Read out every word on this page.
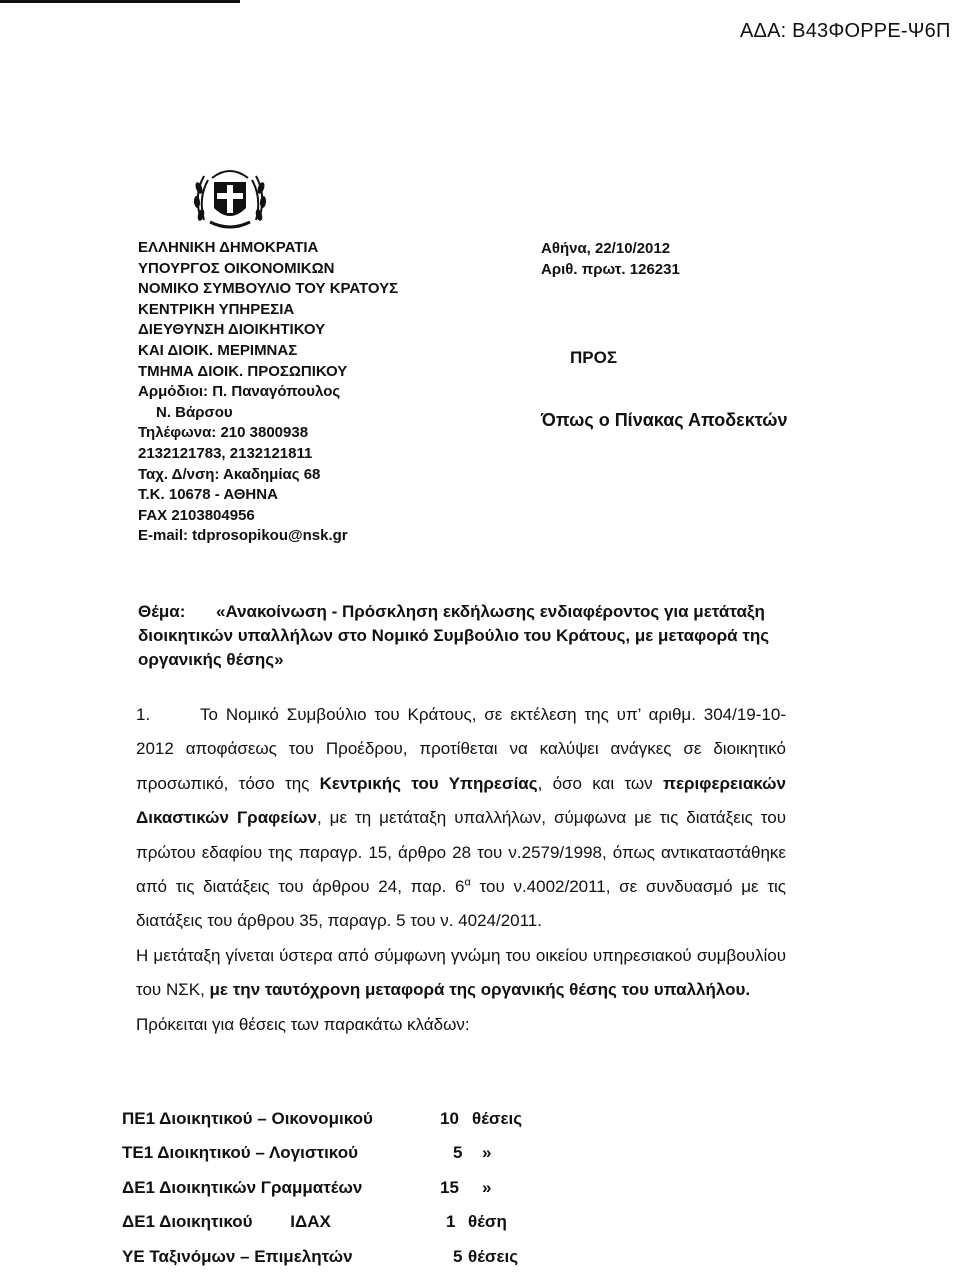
ΑΔΑ: Β43ΦΟΡΡΕ-Ψ6Π
ΕΛΛΗΝΙΚΗ ΔΗΜΟΚΡΑΤΙΑ
ΥΠΟΥΡΓΟΣ ΟΙΚΟΝΟΜΙΚΩΝ
ΝΟΜΙΚΟ ΣΥΜΒΟΥΛΙΟ ΤΟΥ ΚΡΑΤΟΥΣ
ΚΕΝΤΡΙΚΗ ΥΠΗΡΕΣΙΑ
ΔΙΕΥΘΥΝΣΗ ΔΙΟΙΚΗΤΙΚΟΥ
ΚΑΙ ΔΙΟΙΚ. ΜΕΡΙΜΝΑΣ
ΤΜΗΜΑ ΔΙΟΙΚ. ΠΡΟΣΩΠΙΚΟΥ
Αρμόδιοι: Π. Παναγόπουλος
Ν. Βάρσου
Τηλέφωνα: 210 3800938
2132121783, 2132121811
Ταχ. Δ/νση: Ακαδημίας 68
Τ.Κ. 10678 - ΑΘΗΝΑ
FAX 2103804956
E-mail: tdprosopikou@nsk.gr
Αθήνα, 22/10/2012
Αριθ. πρωτ. 126231
ΠΡΟΣ
Όπως ο Πίνακας Αποδεκτών
Θέμα: «Ανακοίνωση - Πρόσκληση εκδήλωσης ενδιαφέροντος για μετάταξη διοικητικών υπαλλήλων στο Νομικό Συμβούλιο του Κράτους, με μεταφορά της οργανικής θέσης»
1.	Το Νομικό Συμβούλιο του Κράτους, σε εκτέλεση της υπ’ αριθμ. 304/19-10-2012 αποφάσεως του Προέδρου, προτίθεται να καλύψει ανάγκες σε διοικητικό προσωπικό, τόσο της Κεντρικής του Υπηρεσίας, όσο και των περιφερειακών Δικαστικών Γραφείων, με τη μετάταξη υπαλλήλων, σύμφωνα με τις διατάξεις του πρώτου εδαφίου της παραγρ. 15, άρθρο 28 του ν.2579/1998, όπως αντικαταστάθηκε από τις διατάξεις του άρθρου 24, παρ. $6^\alpha$ του ν.4002/2011, σε συνδυασμό με τις διατάξεις του άρθρου 35, παραγρ. 5 του ν. 4024/2011.
Η μετάταξη γίνεται ύστερα από σύμφωνη γνώμη του οικείου υπηρεσιακού συμβουλίου του ΝΣΚ, με την ταυτόχρονη μεταφορά της οργανικής θέσης του υπαλλήλου.
Πρόκειται για θέσεις των παρακάτω κλάδων:
ΠΕ1 Διοικητικού – Οικονομικού	10 θέσεις
ΤΕ1 Διοικητικού – Λογιστικού	5 »
ΔΕ1 Διοικητικών Γραμματέων	15 »
ΔΕ1 Διοικητικού        ΙΔΑΧ	1 θέση
ΥΕ Ταξινόμων – Επιμελητών	5 θέσεις
